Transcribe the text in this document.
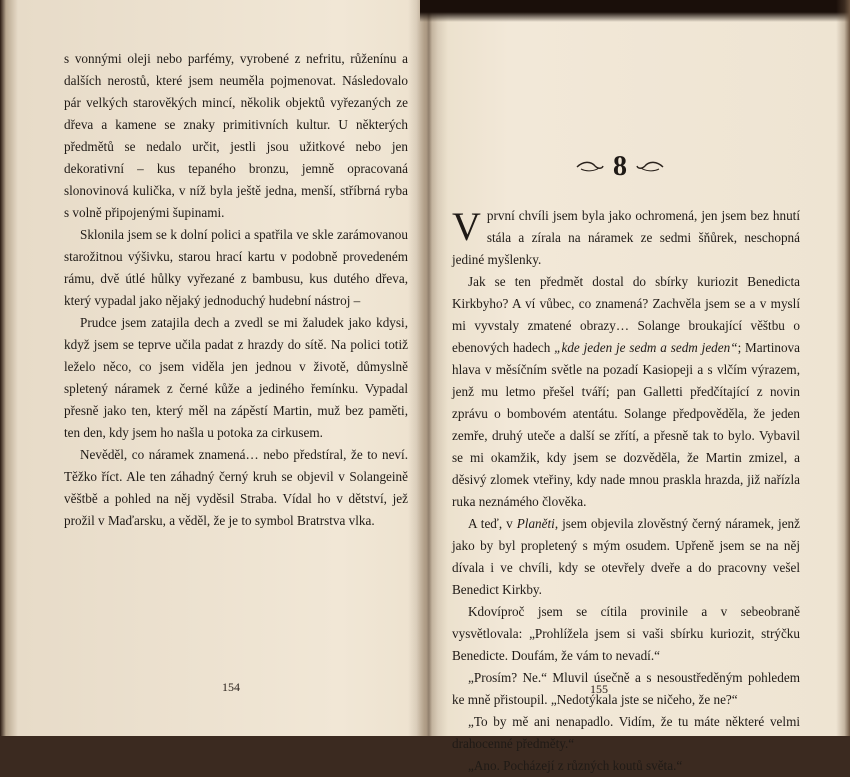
s vonnými oleji nebo parfémy, vyrobené z nefritu, růženínu a dalších nerostů, které jsem neuměla pojmenovat. Následovalo pár velkých starověkých mincí, několik objektů vyřezaných ze dřeva a kamene se znaky primitivních kultur. U některých předmětů se nedalo určit, jestli jsou užitkové nebo jen dekorativní – kus tepaného bronzu, jemně opracovaná slonovinová kulička, v níž byla ještě jedna, menší, stříbrná ryba s volně připojenými šupinami.

Sklonila jsem se k dolní polici a spatřila ve skle zarámovanou starožitnou výšivku, starou hrací kartu v podobně provedeném rámu, dvě útlé hůlky vyřezané z bambusu, kus dutého dřeva, který vypadal jako nějaký jednoduchý hudební nástroj –

Prudce jsem zatajila dech a zvedl se mi žaludek jako kdysi, když jsem se teprve učila padat z hrazdy do sítě. Na polici totiž leželo něco, co jsem viděla jen jednou v životě, důmyslně spletený náramek z černé kůže a jediného řemínku. Vypadal přesně jako ten, který měl na zápěstí Martin, muž bez paměti, ten den, kdy jsem ho našla u potoka za cirkusem.

Nevěděl, co náramek znamená… nebo předstíral, že to neví. Těžko říct. Ale ten záhadný černý kruh se objevil v Solangeině věštbě a pohled na něj vyděsil Straba. Vídal ho v dětství, jež prožil v Maďarsku, a věděl, že je to symbol Bratrstva vlka.

154
8

Vprvní chvíli jsem byla jako ochromená, jen jsem bez hnutí stála a zírala na náramek ze sedmi šňůrek, neschopná jediné myšlenky.

Jak se ten předmět dostal do sbírky kuriozit Benedicta Kirkbyho? A ví vůbec, co znamená? Zachvěla jsem se a v myslí mi vyvstaly zmatené obrazy… Solange broukající věštbu o ebenových hadech „kde jeden je sedm a sedm jeden“; Martinova hlava v měsíčním světle na pozadí Kasiopeji a s vlčím výrazem, jenž mu letmo přešel tváří; pan Galletti předčítající z novin zprávu o bombovém atentátu. Solange předpověděla, že jeden zemře, druhý uteče a další se zřítí, a přesně tak to bylo. Vybavil se mi okamžik, kdy jsem se dozvěděla, že Martin zmizel, a děsivý zlomek vteřiny, kdy nade mnou praskla hrazda, již nařízla ruka neznámého člověka.

A teď, v Planěti, jsem objevila zlověstný černý náramek, jenž jako by byl propletený s mým osudem. Upřeně jsem se na něj dívala i ve chvíli, kdy se otevřely dveře a do pracovny vešel Benedict Kirkby.

Kdovíproč jsem se cítila provinile a v sebeobraně vysvětlovala: „Prohlížela jsem si vaši sbírku kuriozit, strýčku Benedicte. Doufám, že vám to nevadí.“

„Prosím? Ne.“ Mluvil úsečně a s nesoustředěným pohledem ke mně přistoupil. „Nedotýkala jste se ničeho, že ne?“

„To by mě ani nenapadlo. Vidím, že tu máte některé velmi drahocenné předměty.“

„Ano. Pocházejí z různých koutů světa.“

155
